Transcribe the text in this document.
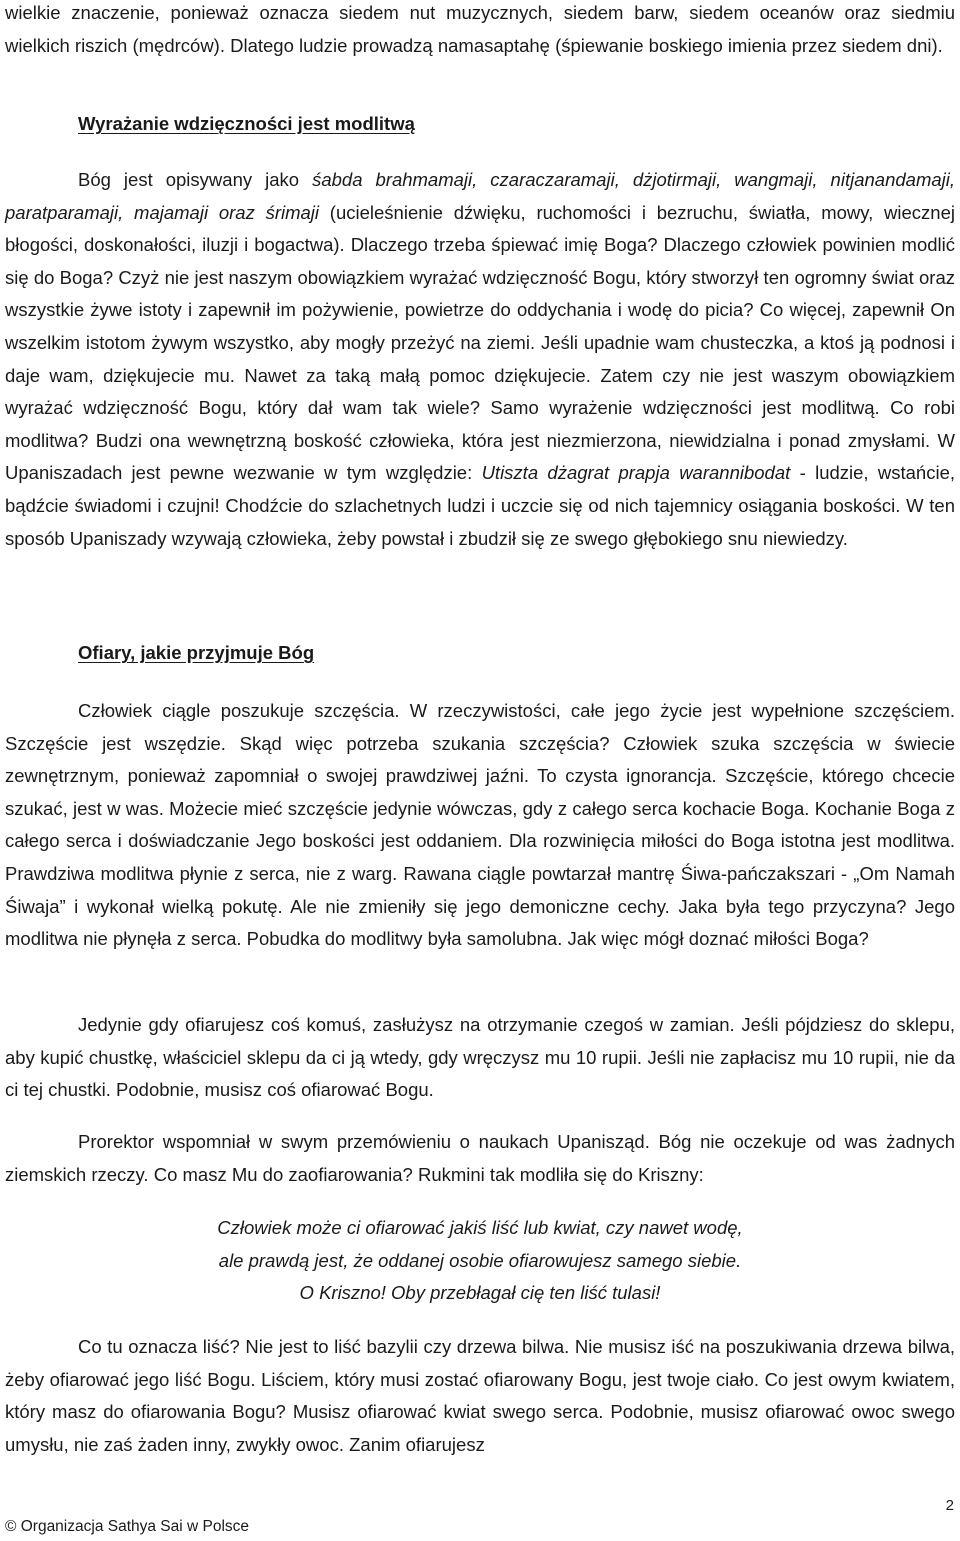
wielkie znaczenie, ponieważ oznacza siedem nut muzycznych, siedem barw, siedem oceanów oraz siedmiu wielkich riszich (mędrców). Dlatego ludzie prowadzą namasaptahę (śpiewanie boskiego imienia przez siedem dni).

Wyrażanie wdzięczności jest modlitwą

Bóg jest opisywany jako śabda brahmamaji, czaraczaramaji, dżjotirmaji, wangmaji, nitjanandamaji, paratparamaji, majamaji oraz śrimaji (ucieleśnienie dźwięku, ruchomości i bezruchu, światła, mowy, wiecznej błogości, doskonałości, iluzji i bogactwa). Dlaczego trzeba śpiewać imię Boga? Dlaczego człowiek powinien modlić się do Boga? Czyż nie jest naszym obowiązkiem wyrażać wdzięczność Bogu, który stworzył ten ogromny świat oraz wszystkie żywe istoty i zapewnił im pożywienie, powietrze do oddychania i wodę do picia? Co więcej, zapewnił On wszelkim istotom żywym wszystko, aby mogły przeżyć na ziemi. Jeśli upadnie wam chusteczka, a ktoś ją podnosi i daje wam, dziękujecie mu. Nawet za taką małą pomoc dziękujecie. Zatem czy nie jest waszym obowiązkiem wyrażać wdzięczność Bogu, który dał wam tak wiele? Samo wyrażenie wdzięczności jest modlitwą. Co robi modlitwa? Budzi ona wewnętrzną boskość człowieka, która jest niezmierzona, niewidzialna i ponad zmysłami. W Upaniszadach jest pewne wezwanie w tym względzie: Utiszta dżagrat prapja warannibodat - ludzie, wstańcie, bądźcie świadomi i czujni! Chodźcie do szlachetnych ludzi i uczcie się od nich tajemnicy osiągania boskości. W ten sposób Upaniszady wzywają człowieka, żeby powstał i zbudził się ze swego głębokiego snu niewiedzy.

Ofiary, jakie przyjmuje Bóg

Człowiek ciągle poszukuje szczęścia. W rzeczywistości, całe jego życie jest wypełnione szczęściem. Szczęście jest wszędzie. Skąd więc potrzeba szukania szczęścia? Człowiek szuka szczęścia w świecie zewnętrznym, ponieważ zapomniał o swojej prawdziwej jaźni. To czysta ignorancja. Szczęście, którego chcecie szukać, jest w was. Możecie mieć szczęście jedynie wówczas, gdy z całego serca kochacie Boga. Kochanie Boga z całego serca i doświadczanie Jego boskości jest oddaniem. Dla rozwinięcia miłości do Boga istotna jest modlitwa. Prawdziwa modlitwa płynie z serca, nie z warg. Rawana ciągle powtarzał mantrę Śiwa-pańczakszari - „Om Namah Śiwaja” i wykonał wielką pokutę. Ale nie zmieniły się jego demoniczne cechy. Jaka była tego przyczyna? Jego modlitwa nie płynęła z serca. Pobudka do modlitwy była samolubna. Jak więc mógł doznać miłości Boga?

Jedynie gdy ofiarujesz coś komuś, zasłużysz na otrzymanie czegoś w zamian. Jeśli pójdziesz do sklepu, aby kupić chustkę, właściciel sklepu da ci ją wtedy, gdy wręczysz mu 10 rupii. Jeśli nie zapłacisz mu 10 rupii, nie da ci tej chustki. Podobnie, musisz coś ofiarować Bogu.

Prorektor wspomniał w swym przemówieniu o naukach Upanisząd. Bóg nie oczekuje od was żadnych ziemskich rzeczy. Co masz Mu do zaofiarowania? Rukmini tak modliła się do Kriszny:

Człowiek może ci ofiarować jakiś liść lub kwiat, czy nawet wodę,
ale prawdą jest, że oddanej osobie ofiarowujesz samego siebie.
O Kriszno! Oby przebłagał cię ten liść tulasi!

Co tu oznacza liść? Nie jest to liść bazylii czy drzewa bilwa. Nie musisz iść na poszukiwania drzewa bilwa, żeby ofiarować jego liść Bogu. Liściem, który musi zostać ofiarowany Bogu, jest twoje ciało. Co jest owym kwiatem, który masz do ofiarowania Bogu? Musisz ofiarować kwiat swego serca. Podobnie, musisz ofiarować owoc swego umysłu, nie zaś żaden inny, zwykły owoc. Zanim ofiarujesz

© Organizacja Sathya Sai w Polsce
2
